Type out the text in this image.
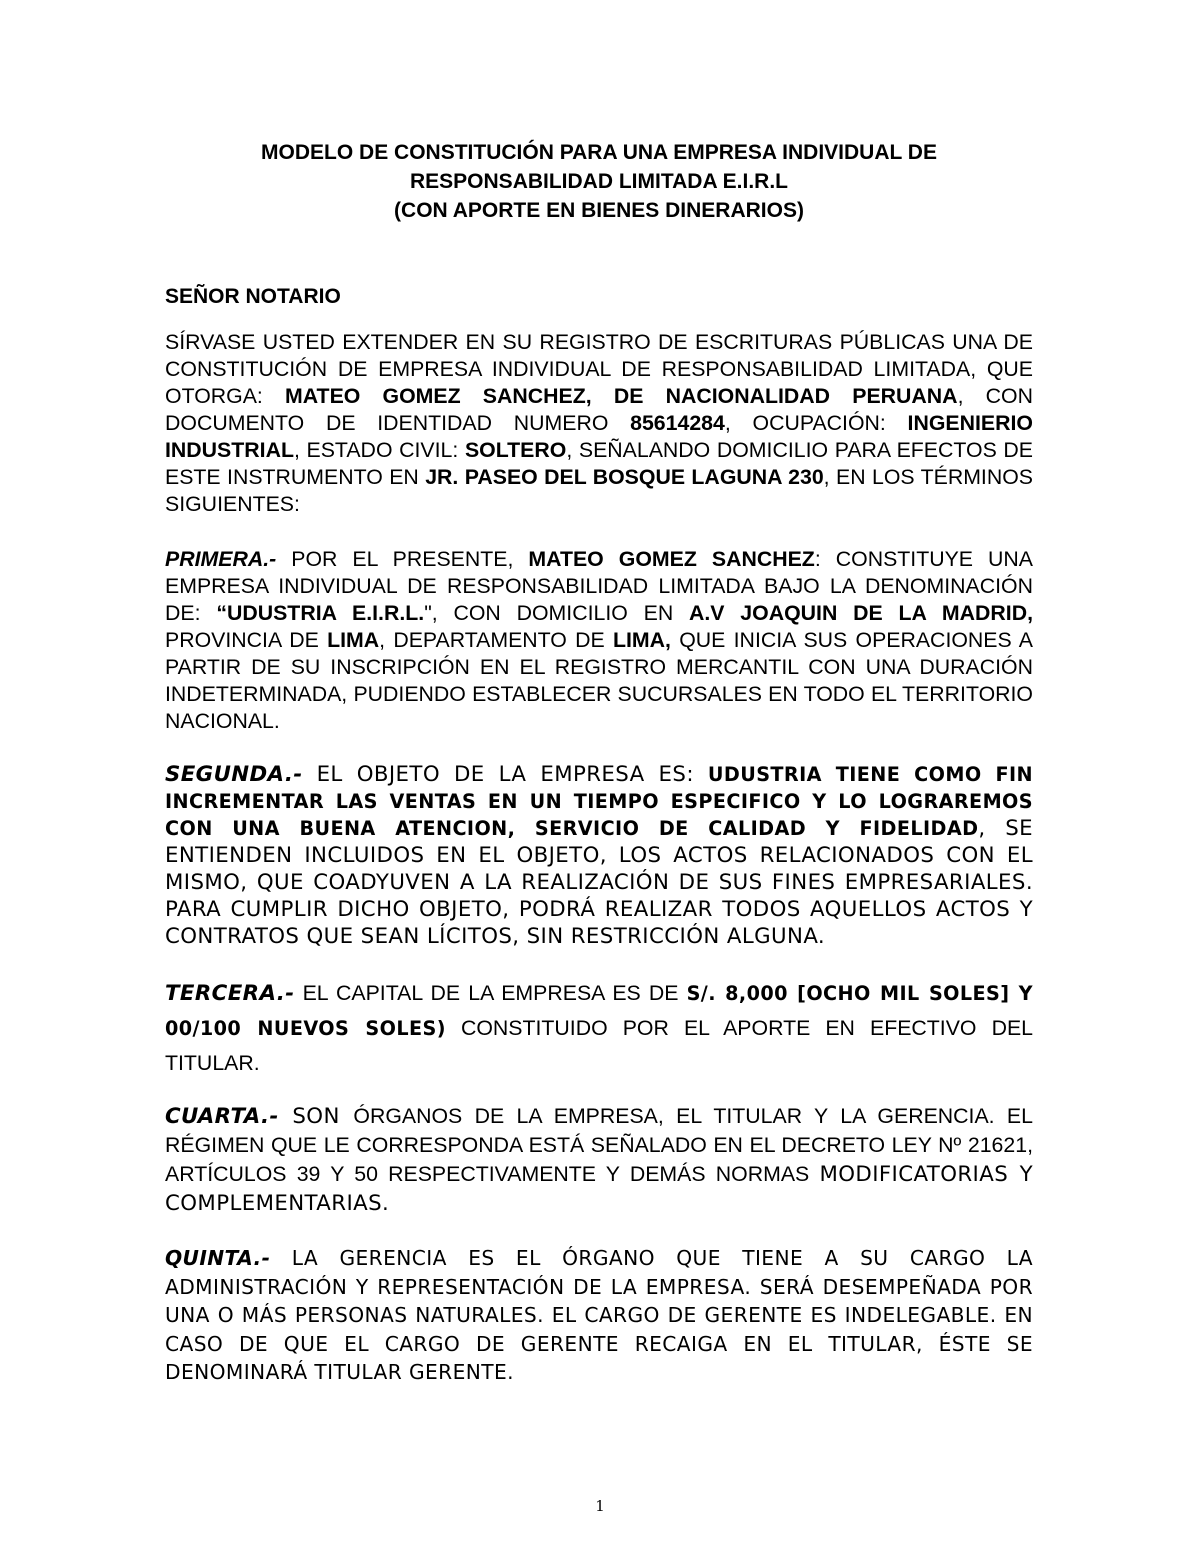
MODELO DE CONSTITUCIÓN PARA UNA EMPRESA INDIVIDUAL DE
RESPONSABILIDAD LIMITADA E.I.R.L
(CON APORTE EN BIENES DINERARIOS)
SEÑOR NOTARIO

SÍRVASE USTED EXTENDER EN SU REGISTRO DE ESCRITURAS PÚBLICAS UNA DE CONSTITUCIÓN DE EMPRESA INDIVIDUAL DE RESPONSABILIDAD LIMITADA, QUE OTORGA: MATEO GOMEZ SANCHEZ, DE NACIONALIDAD PERUANA, CON DOCUMENTO DE IDENTIDAD NUMERO 85614284, OCUPACIÓN: INGENIERIO INDUSTRIAL, ESTADO CIVIL: SOLTERO, SEÑALANDO DOMICILIO PARA EFECTOS DE ESTE INSTRUMENTO EN JR. PASEO DEL BOSQUE LAGUNA 230, EN LOS TÉRMINOS SIGUIENTES:

PRIMERA.- POR EL PRESENTE, MATEO GOMEZ SANCHEZ: CONSTITUYE UNA EMPRESA INDIVIDUAL DE RESPONSABILIDAD LIMITADA BAJO LA DENOMINACIÓN DE: “UDUSTRIA E.I.R.L.", CON DOMICILIO EN A.V JOAQUIN DE LA MADRID, PROVINCIA DE LIMA, DEPARTAMENTO DE LIMA, QUE INICIA SUS OPERACIONES A PARTIR DE SU INSCRIPCIÓN EN EL REGISTRO MERCANTIL CON UNA DURACIÓN INDETERMINADA, PUDIENDO ESTABLECER SUCURSALES EN TODO EL TERRITORIO NACIONAL.

SEGUNDA.- EL OBJETO DE LA EMPRESA ES: UDUSTRIA TIENE COMO FIN INCREMENTAR LAS VENTAS EN UN TIEMPO ESPECIFICO Y LO LOGRAREMOS CON UNA BUENA ATENCION, SERVICIO DE CALIDAD Y FIDELIDAD, SE ENTIENDEN INCLUIDOS EN EL OBJETO, LOS ACTOS RELACIONADOS CON EL MISMO, QUE COADYUVEN A LA REALIZACIÓN DE SUS FINES EMPRESARIALES. PARA CUMPLIR DICHO OBJETO, PODRÁ REALIZAR TODOS AQUELLOS ACTOS Y CONTRATOS QUE SEAN LÍCITOS, SIN RESTRICCIÓN ALGUNA.

TERCERA.- EL CAPITAL DE LA EMPRESA ES DE S/. 8,000 [OCHO MIL SOLES] Y 00/100 NUEVOS SOLES) CONSTITUIDO POR EL APORTE EN EFECTIVO DEL TITULAR.

CUARTA.- SON ÓRGANOS DE LA EMPRESA, EL TITULAR Y LA GERENCIA. EL RÉGIMEN QUE LE CORRESPONDA ESTÁ SEÑALADO EN EL DECRETO LEY Nº 21621, ARTÍCULOS 39 Y 50 RESPECTIVAMENTE Y DEMÁS NORMAS MODIFICATORIAS Y COMPLEMENTARIAS.

QUINTA.- LA GERENCIA ES EL ÓRGANO QUE TIENE A SU CARGO LA ADMINISTRACIÓN Y REPRESENTACIÓN DE LA EMPRESA. SERÁ DESEMPEÑADA POR UNA O MÁS PERSONAS NATURALES. EL CARGO DE GERENTE ES INDELEGABLE. EN CASO DE QUE EL CARGO DE GERENTE RECAIGA EN EL TITULAR, ÉSTE SE DENOMINARÁ TITULAR GERENTE.

1
